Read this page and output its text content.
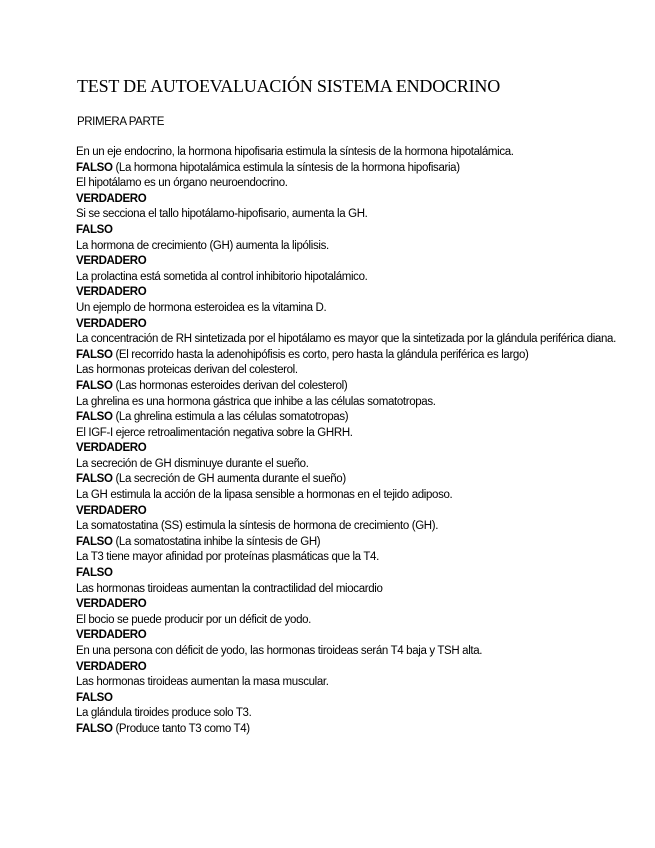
TEST DE AUTOEVALUACIÓN SISTEMA ENDOCRINO
PRIMERA PARTE
En un eje endocrino, la hormona hipofisaria estimula la síntesis de la hormona hipotalámica.
FALSO (La hormona hipotalámica estimula la síntesis de la hormona hipofisaria)
El hipotálamo es un órgano neuroendocrino.
VERDADERO
Si se secciona el tallo hipotálamo-hipofisario, aumenta la GH.
FALSO
La hormona de crecimiento (GH) aumenta la lipólisis.
VERDADERO
La prolactina está sometida al control inhibitorio hipotalámico.
VERDADERO
Un ejemplo de hormona esteroidea es la vitamina D.
VERDADERO
La concentración de RH sintetizada por el hipotálamo es mayor que la sintetizada por la glándula periférica diana.
FALSO (El recorrido hasta la adenohipófisis es corto, pero hasta la glándula periférica es largo)
Las hormonas proteicas derivan del colesterol.
FALSO (Las hormonas esteroides derivan del colesterol)
La ghrelina es una hormona gástrica que inhibe a las células somatotropas.
FALSO (La ghrelina estimula a las células somatotropas)
El IGF-I ejerce retroalimentación negativa sobre la GHRH.
VERDADERO
La secreción de GH disminuye durante el sueño.
FALSO (La secreción de GH aumenta durante el sueño)
La GH estimula la acción de la lipasa sensible a hormonas en el tejido adiposo.
VERDADERO
La somatostatina (SS) estimula la síntesis de hormona de crecimiento (GH).
FALSO (La somatostatina inhibe la síntesis de GH)
La T3 tiene mayor afinidad por proteínas plasmáticas que la T4.
FALSO
Las hormonas tiroideas aumentan la contractilidad del miocardio
VERDADERO
El bocio se puede producir por un déficit de yodo.
VERDADERO
En una persona con déficit de yodo, las hormonas tiroideas serán T4 baja y TSH alta.
VERDADERO
Las hormonas tiroideas aumentan la masa muscular.
FALSO
La glándula tiroides produce solo T3.
FALSO (Produce tanto T3 como T4)
